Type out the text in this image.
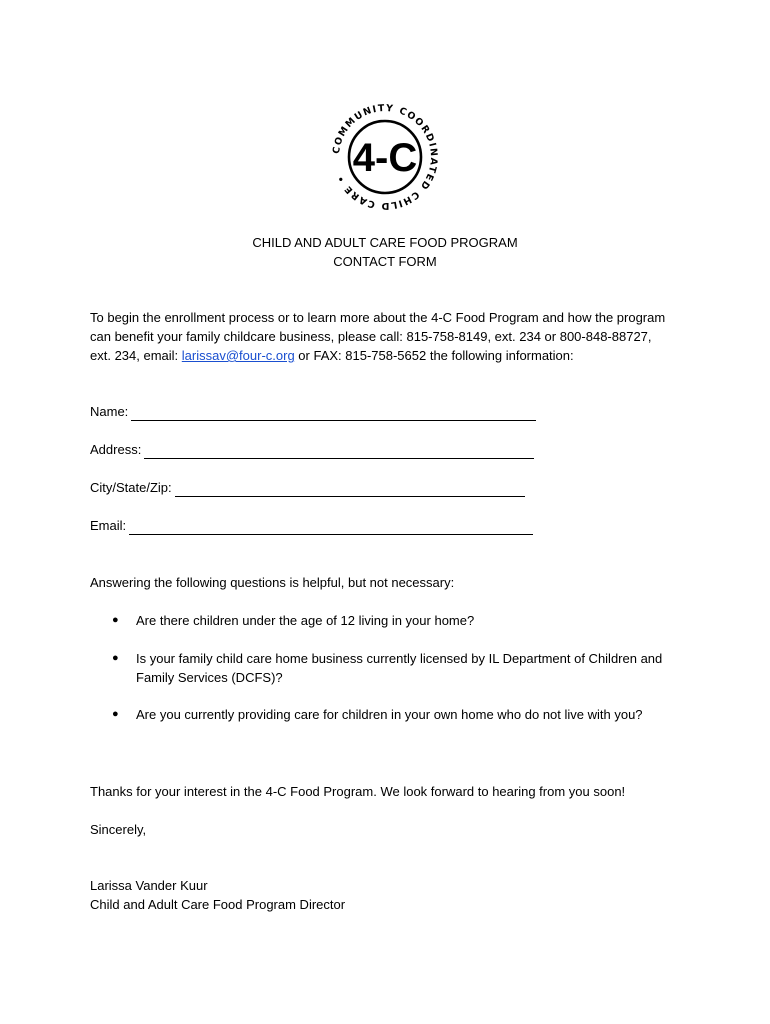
COMMUNITY COORDINATED CHILD CARE • 4-C
CHILD AND ADULT CARE FOOD PROGRAM
CONTACT FORM
To begin the enrollment process or to learn more about the 4-C Food Program and how the program can benefit your family childcare business, please call: 815-758-8149, ext. 234 or 800-848-88727, ext. 234, email: larissav@four-c.org or FAX: 815-758-5652 the following information:
Name:
Address:
City/State/Zip:
Email:
Answering the following questions is helpful, but not necessary:
●	Are there children under the age of 12 living in your home?
●	Is your family child care home business currently licensed by IL Department of Children and Family Services (DCFS)?
●	Are you currently providing care for children in your own home who do not live with you?
Thanks for your interest in the 4-C Food Program. We look forward to hearing from you soon!
Sincerely,
Larissa Vander Kuur
Child and Adult Care Food Program Director
